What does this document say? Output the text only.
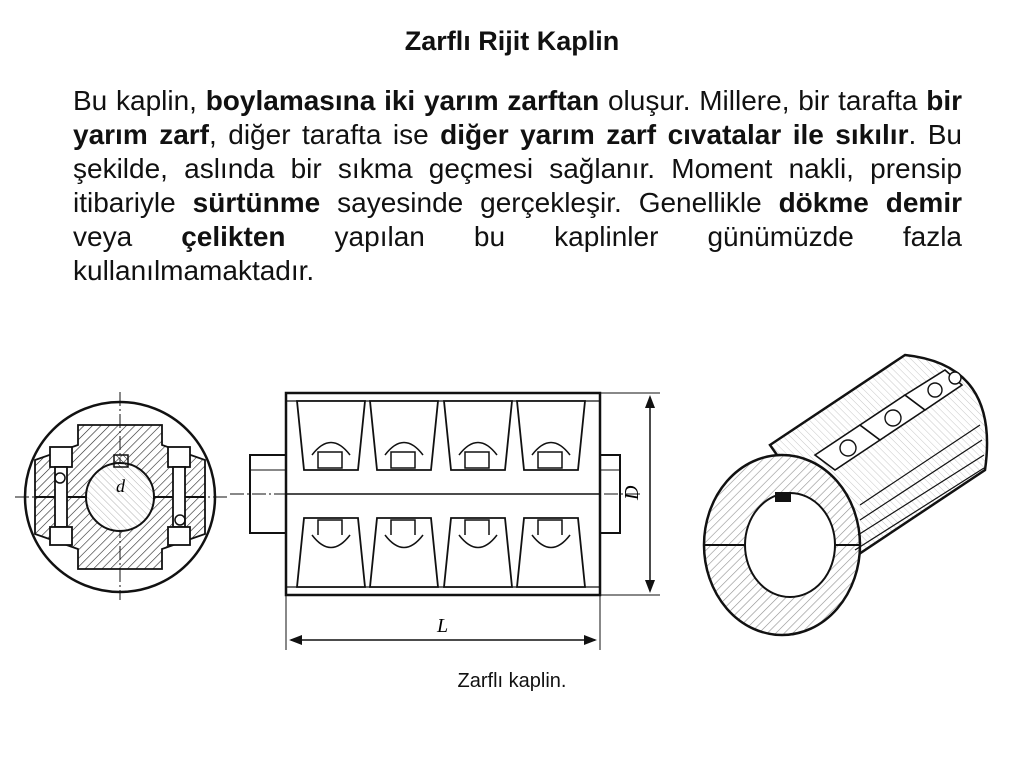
Zarflı Rijit Kaplin

Bu kaplin, boylamasına iki yarım zarftan oluşur. Millere, bir tarafta bir yarım zarf, diğer tarafta ise diğer yarım zarf cıvatalar ile sıkılır. Bu şekilde, aslında bir sıkma geçmesi sağlanır. Moment nakli, prensip itibariyle sürtünme sayesinde gerçekleşir. Genellikle dökme demir veya çelikten yapılan bu kaplinler günümüzde fazla kullanılmamaktadır.

d	D
L

Zarflı kaplin.
